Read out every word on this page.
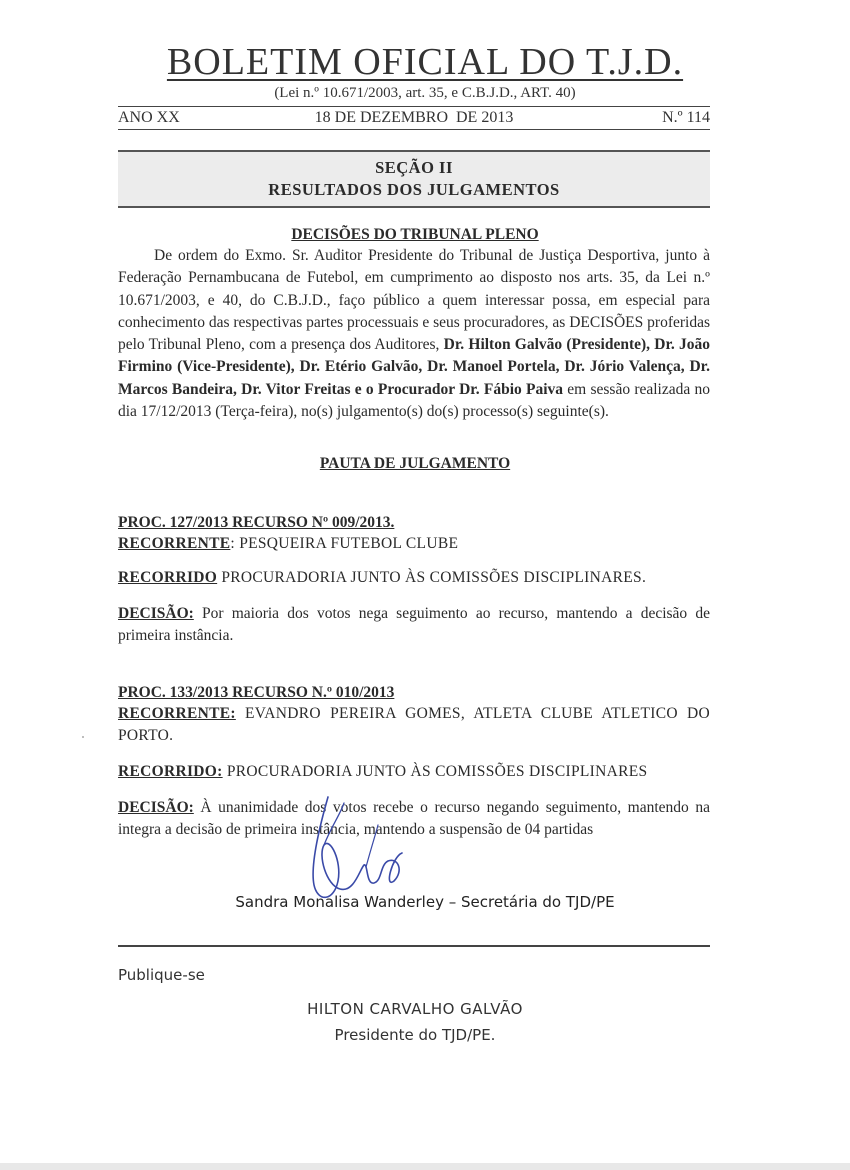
BOLETIM OFICIAL DO T.J.D.
(Lei n.º 10.671/2003, art. 35, e C.B.J.D., ART. 40)
ANO XX	18 DE DEZEMBRO  DE 2013	N.º 114
SEÇÃO II
RESULTADOS DOS JULGAMENTOS
DECISÕES DO TRIBUNAL PLENO
De ordem do Exmo. Sr. Auditor Presidente do Tribunal de Justiça Desportiva, junto à Federação Pernambucana de Futebol, em cumprimento ao disposto nos arts. 35, da Lei n.º 10.671/2003, e 40, do C.B.J.D., faço público a quem interessar possa, em especial para conhecimento das respectivas partes processuais e seus procuradores, as DECISÕES proferidas pelo Tribunal Pleno, com a presença dos Auditores, Dr. Hilton Galvão (Presidente), Dr. João Firmino (Vice-Presidente), Dr. Etério Galvão, Dr. Manoel Portela, Dr. Jório Valença, Dr. Marcos Bandeira, Dr. Vitor Freitas e o Procurador Dr. Fábio Paiva em sessão realizada no dia 17/12/2013 (Terça-feira), no(s) julgamento(s) do(s) processo(s) seguinte(s).
PAUTA DE JULGAMENTO
PROC. 127/2013 RECURSO Nº 009/2013.
RECORRENTE: PESQUEIRA FUTEBOL CLUBE
RECORRIDO PROCURADORIA JUNTO ÀS COMISSÕES DISCIPLINARES.
DECISÃO: Por maioria dos votos nega seguimento ao recurso, mantendo a decisão de primeira instância.
PROC. 133/2013 RECURSO N.º 010/2013
RECORRENTE: EVANDRO PEREIRA GOMES, ATLETA CLUBE ATLETICO DO PORTO.
RECORRIDO: PROCURADORIA JUNTO ÀS COMISSÕES DISCIPLINARES
DECISÃO: À unanimidade dos votos recebe o recurso negando seguimento, mantendo na integra a decisão de primeira instância, mantendo a suspensão de 04 partidas
Sandra Monalisa Wanderley – Secretária do TJD/PE
Publique-se
HILTON CARVALHO GALVÃO
Presidente do TJD/PE.
